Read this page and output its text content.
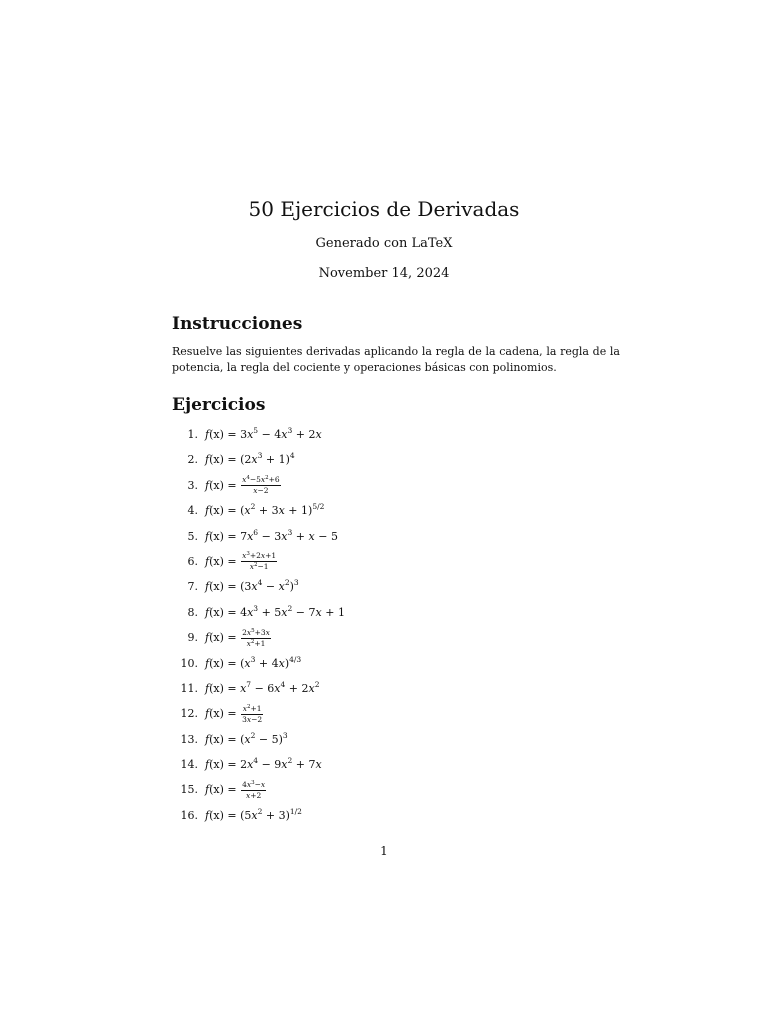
50 Ejercicios de Derivadas
Generado con LaTeX
November 14, 2024
Instrucciones
Resuelve las siguientes derivadas aplicando la regla de la cadena, la regla de la potencia, la regla del cociente y operaciones básicas con polinomios.
Ejercicios
1. $f(x) = 3x^5 - 4x^3 + 2x$
2. $f(x) = (2x^3 + 1)^4$
3. $f(x) = \frac{x^4-5x^2+6}{x-2}$
4. $f(x) = (x^2 + 3x + 1)^{5/2}$
5. $f(x) = 7x^6 - 3x^3 + x - 5$
6. $f(x) = \frac{x^3+2x+1}{x^2-1}$
7. $f(x) = (3x^4 - x^2)^3$
8. $f(x) = 4x^3 + 5x^2 - 7x + 1$
9. $f(x) = \frac{2x^5+3x}{x^2+1}$
10. $f(x) = (x^3 + 4x)^{4/3}$
11. $f(x) = x^7 - 6x^4 + 2x^2$
12. $f(x) = \frac{x^2+1}{3x-2}$
13. $f(x) = (x^2 - 5)^3$
14. $f(x) = 2x^4 - 9x^2 + 7x$
15. $f(x) = \frac{4x^3-x}{x+2}$
16. $f(x) = (5x^2 + 3)^{1/2}$
1
